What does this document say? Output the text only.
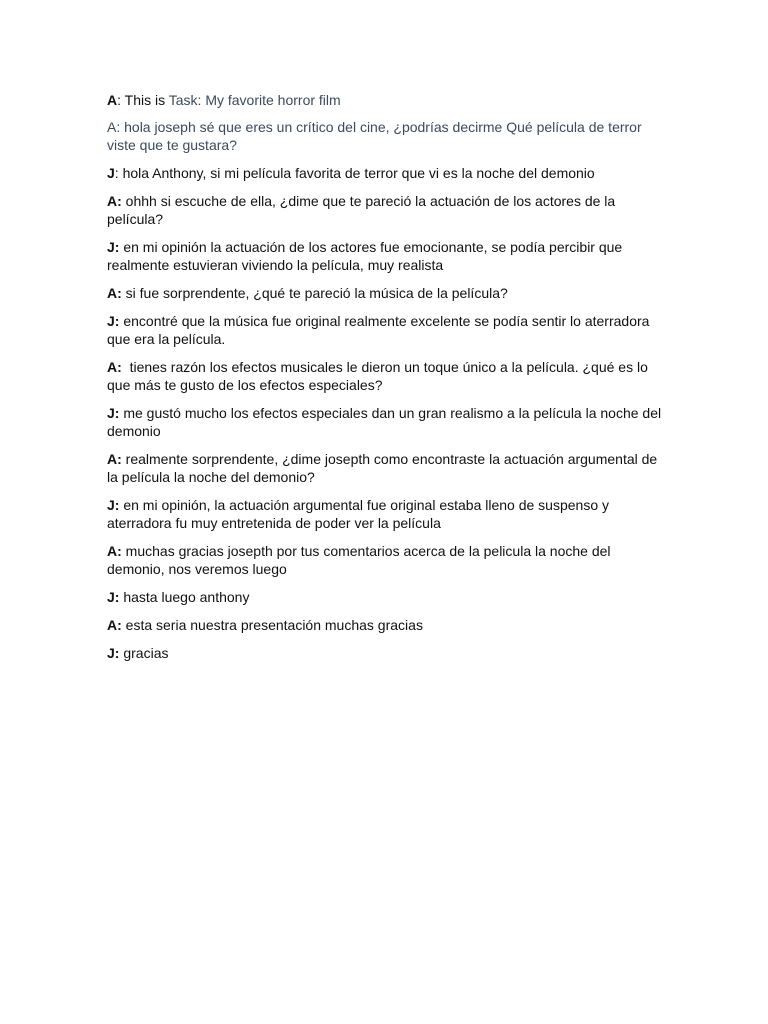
A: This is Task: My favorite horror film

A: hola joseph sé que eres un crítico del cine, ¿podrías decirme Qué película de terror viste que te gustara?

J: hola Anthony, si mi película favorita de terror que vi es la noche del demonio

A: ohhh si escuche de ella, ¿dime que te pareció la actuación de los actores de la película?

J: en mi opinión la actuación de los actores fue emocionante, se podía percibir que realmente estuvieran viviendo la película, muy realista

A: si fue sorprendente, ¿qué te pareció la música de la película?

J: encontré que la música fue original realmente excelente se podía sentir lo aterradora que era la película.

A: tienes razón los efectos musicales le dieron un toque único a la película. ¿qué es lo que más te gusto de los efectos especiales?

J: me gustó mucho los efectos especiales dan un gran realismo a la película la noche del demonio

A: realmente sorprendente, ¿dime josepth como encontraste la actuación argumental de la película la noche del demonio?

J: en mi opinión, la actuación argumental fue original estaba lleno de suspenso y aterradora fu muy entretenida de poder ver la película

A: muchas gracias josepth por tus comentarios acerca de la pelicula la noche del demonio, nos veremos luego

J: hasta luego anthony

A: esta seria nuestra presentación muchas gracias

J: gracias
